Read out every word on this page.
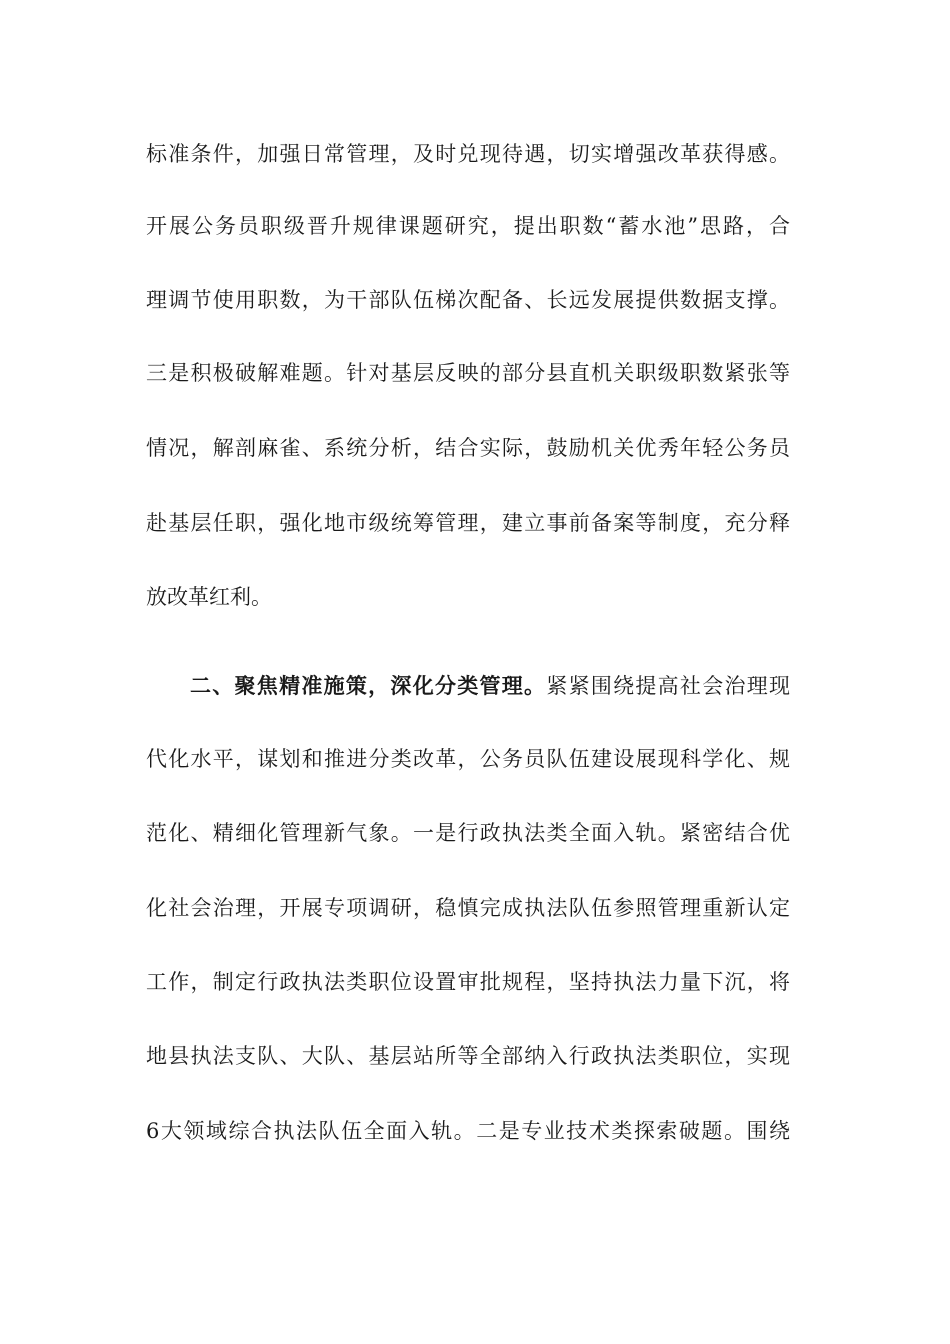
标准条件，加强日常管理，及时兑现待遇，切实增强改革获得感。
开展公务员职级晋升规律课题研究，提出职数“蓄水池”思路，合
理调节使用职数，为干部队伍梯次配备、长远发展提供数据支撑。
三是积极破解难题。针对基层反映的部分县直机关职级职数紧张等
情况，解剖麻雀、系统分析，结合实际，鼓励机关优秀年轻公务员
赴基层任职，强化地市级统筹管理，建立事前备案等制度，充分释
放改革红利。
二、聚焦精准施策，深化分类管理。紧紧围绕提高社会治理现
代化水平，谋划和推进分类改革，公务员队伍建设展现科学化、规
范化、精细化管理新气象。一是行政执法类全面入轨。紧密结合优
化社会治理，开展专项调研，稳慎完成执法队伍参照管理重新认定
工作，制定行政执法类职位设置审批规程，坚持执法力量下沉，将
地县执法支队、大队、基层站所等全部纳入行政执法类职位，实现
6大领域综合执法队伍全面入轨。二是专业技术类探索破题。围绕
